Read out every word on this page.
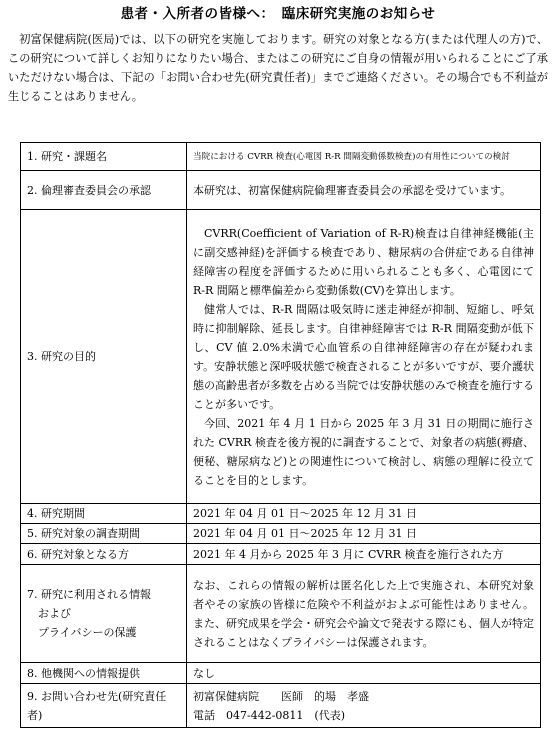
患者・入所者の皆様へ：　臨床研究実施のお知らせ
初富保健病院(医局)では、以下の研究を実施しております。研究の対象となる方(または代理人の方)で、この研究について詳しくお知りになりたい場合、またはこの研究にご自身の情報が用いられることにご了承いただけない場合は、下記の「お問い合わせ先(研究責任者)」までご連絡ください。その場合でも不利益が生じることはありません。
1. 研究・課題名	当院における CVRR 検査(心電図 R-R 間隔変動係数検査)の有用性についての検討
2. 倫理審査委員会の承認	本研究は、初富保健病院倫理審査委員会の承認を受けています。
3. 研究の目的	CVRR(Coefficient of Variation of R-R)検査は自律神経機能(主に副交感神経)を評価する検査であり、糖尿病の合併症である自律神経障害の程度を評価するために用いられることも多く、心電図にて R-R 間隔と標準偏差から変動係数(CV)を算出します。

健常人では、R-R 間隔は吸気時に迷走神経が抑制、短縮し、呼気時に抑制解除、延長します。自律神経障害では R-R 間隔変動が低下し、CV 値 2.0%未満で心血管系の自律神経障害の存在が疑われます。安静状態と深呼吸状態で検査されることが多いですが、要介護状態の高齢患者が多数を占める当院では安静状態のみで検査を施行することが多いです。

今回、2021 年 4 月 1 日から 2025 年 3 月 31 日の期間に施行された CVRR 検査を後方視的に調査することで、対象者の病態(褥瘡、便秘、糖尿病など)との関連性について検討し、病態の理解に役立てることを目的とします。

4. 研究期間	2021 年 04 月 01 日～2025 年 12 月 31 日
5. 研究対象の調査期間	2021 年 04 月 01 日～2025 年 12 月 31 日
6. 研究対象となる方	2021 年 4 月から 2025 年 3 月に CVRR 検査を施行された方

7. 研究に利用される情報
　および
　プライバシーの保護	なお、これらの情報の解析は匿名化した上で実施され、本研究対象者やその家族の皆様に危険や不利益がおよぶ可能性はありません。また、研究成果を学会・研究会や論文で発表する際にも、個人が特定されることはなくプライバシーは保護されます。
8. 他機関への情報提供	なし
9. お問い合わせ先(研究責任者)	初富保健病院　　医師　的場　孝盛
電話　047-442-0811　(代表)
